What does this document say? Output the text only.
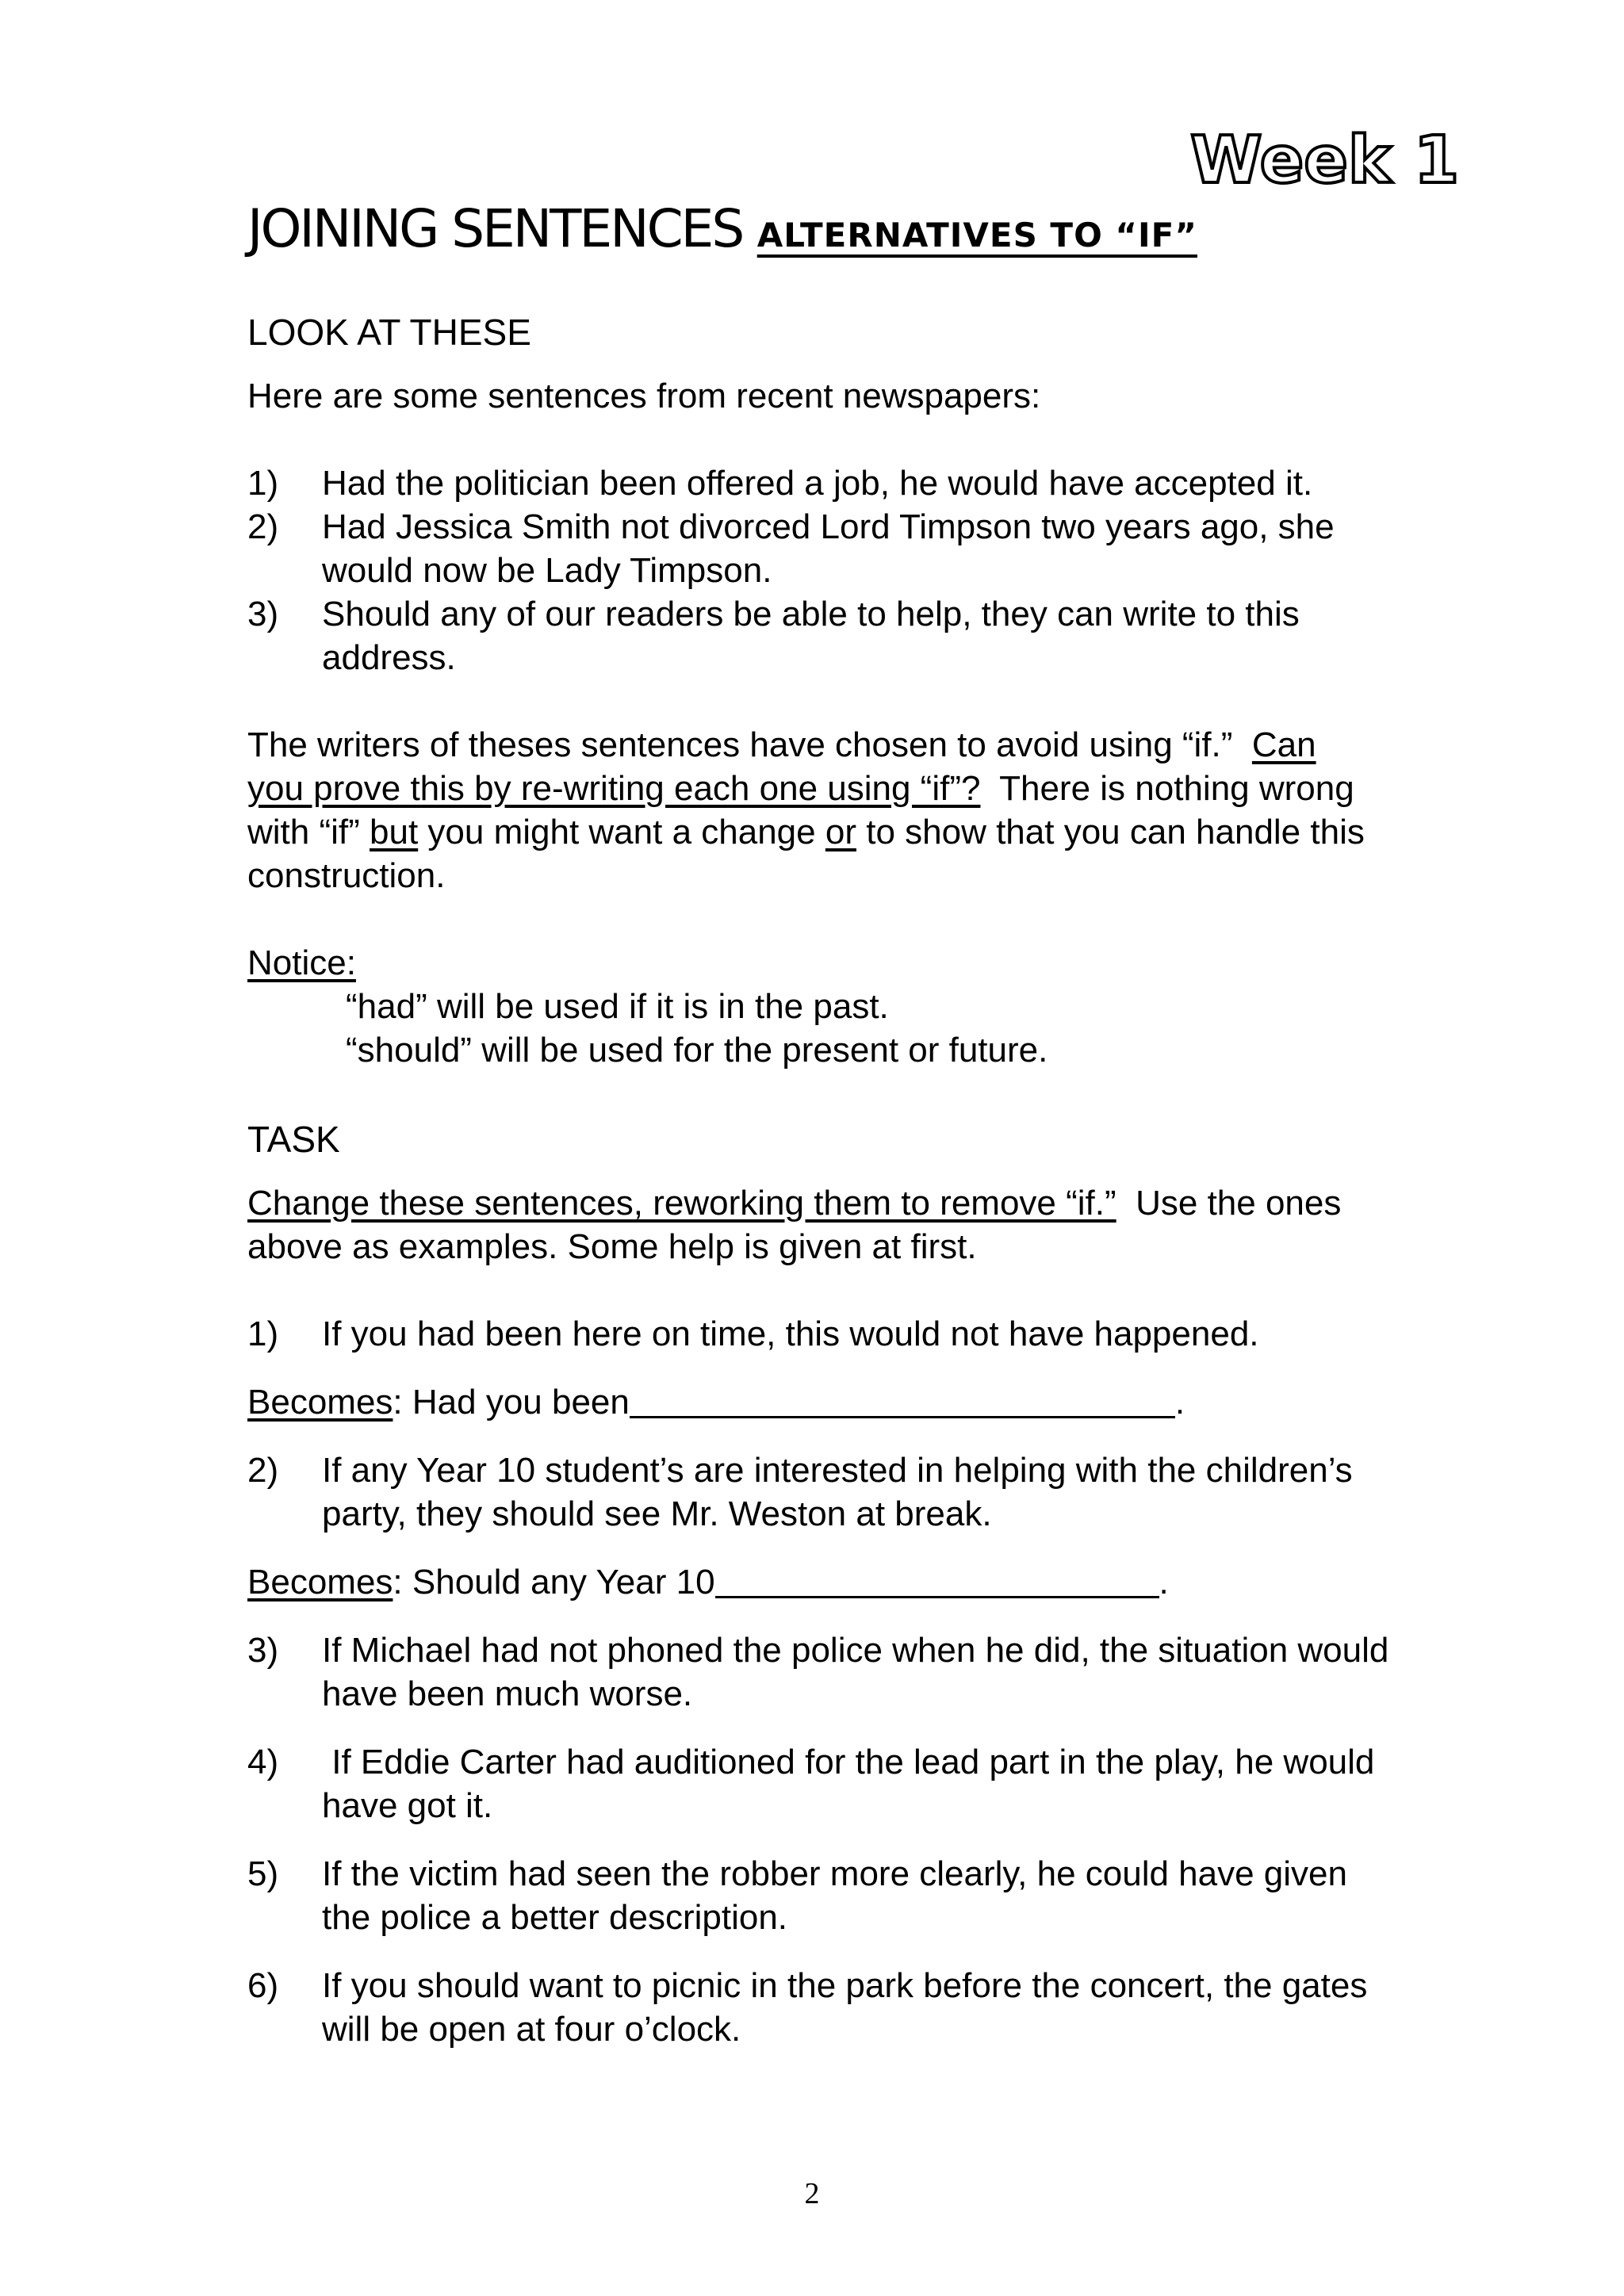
Week 1
JOINING SENTENCES ALTERNATIVES TO “IF”
LOOK AT THESE
Here are some sentences from recent newspapers:
1) Had the politician been offered a job, he would have accepted it.
2) Had Jessica Smith not divorced Lord Timpson two years ago, she would now be Lady Timpson.
3) Should any of our readers be able to help, they can write to this address.
The writers of theses sentences have chosen to avoid using “if.” Can you prove this by re-writing each one using “if”? There is nothing wrong with “if” but you might want a change or to show that you can handle this construction.
Notice:
“had” will be used if it is in the past.
“should” will be used for the present or future.
TASK
Change these sentences, reworking them to remove “if.” Use the ones above as examples. Some help is given at first.
1) If you had been here on time, this would not have happened.
Becomes: Had you been	.
2) If any Year 10 student’s are interested in helping with the children’s party, they should see Mr. Weston at break.
Becomes: Should any Year 10	.
3) If Michael had not phoned the police when he did, the situation would have been much worse.
4) If Eddie Carter had auditioned for the lead part in the play, he would have got it.
5) If the victim had seen the robber more clearly, he could have given the police a better description.
6) If you should want to picnic in the park before the concert, the gates will be open at four o’clock.
2
